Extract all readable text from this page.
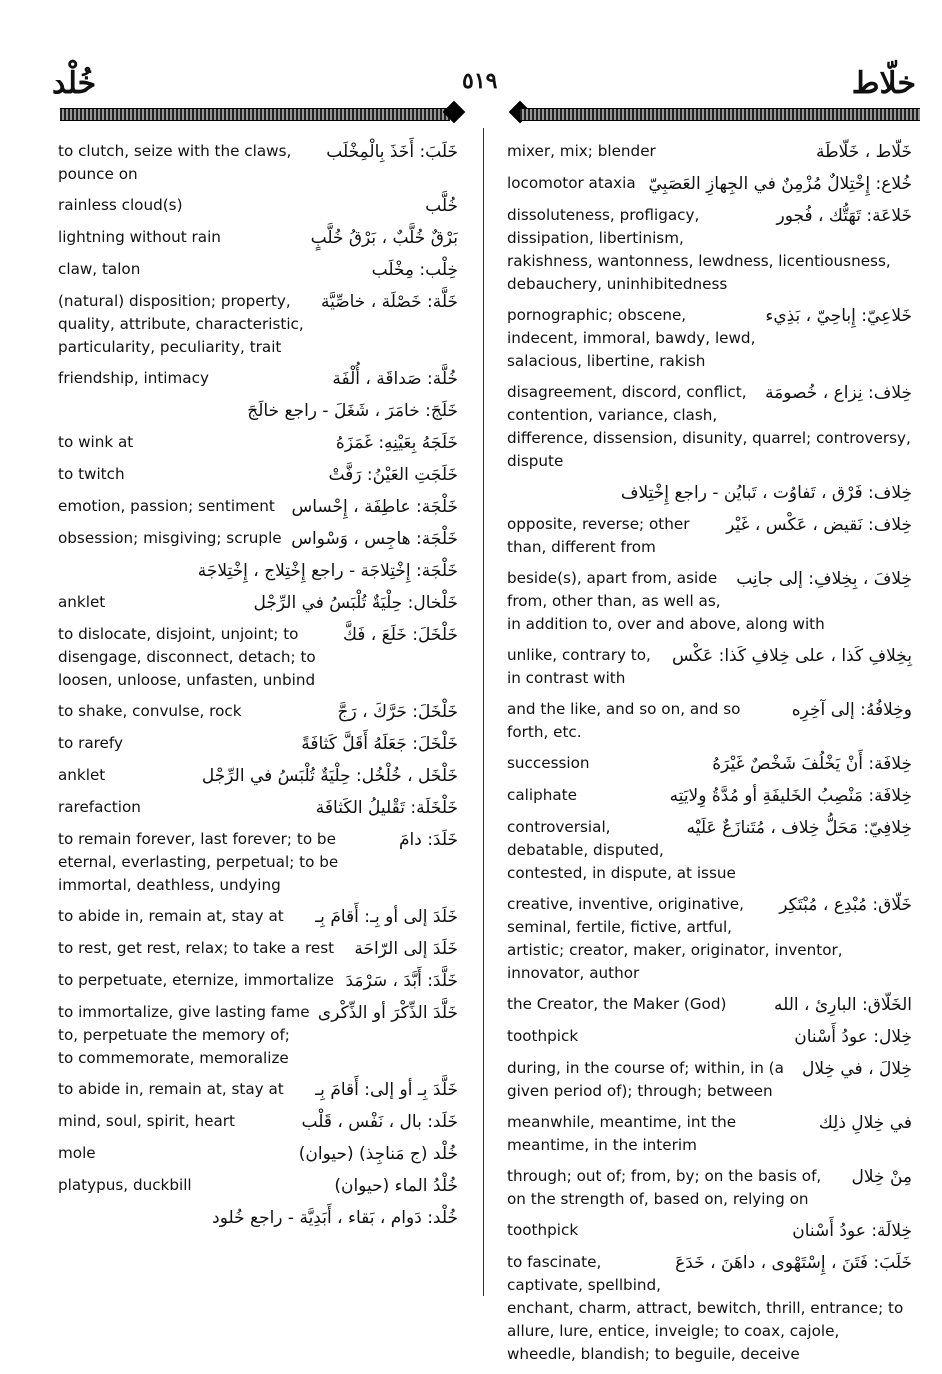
خُلْد	٥١٩	خلّاط
خَلَبَ: أَخَذَ بِالْمِخْلَب
to clutch, seize with the claws, pounce on
خُلَّب
rainless cloud(s)
بَرْقٌ خُلَّبٌ ، بَرْقُ خُلَّبٍ
lightning without rain
خِلْب: مِخْلَب
claw, talon
خَلَّة: خَصْلَة ، خاصِّيَّة
(natural) disposition; property, quality, attribute, characteristic, particularity, peculiarity, trait
خُلَّة: صَداقَة ، أُلْفَة
friendship, intimacy
خَلَجَ: خامَرَ ، شَغَلَ - راجع خالَجَ
خَلَجَهُ بِعَيْنِهِ: غَمَزَهُ
to wink at
خَلَجَتِ العَيْنُ: رَفَّتْ
to twitch
خَلْجَة: عاطِفَة ، إِحْساس
emotion, passion; sentiment
خَلْجَة: هاجِس ، وَسْواس
obsession; misgiving; scruple
خَلْجَة: إِخْتِلاجَة - راجع إِخْتِلاج ، إِخْتِلاجَة
خَلْخال: حِلْيَةٌ تُلْبَسُ في الرِّجْل
anklet
خَلْخَلَ: خَلَعَ ، فَكَّ
to dislocate, disjoint, unjoint; to disengage, disconnect, detach; to loosen, unloose, unfasten, unbind
خَلْخَلَ: حَرَّكَ ، رَجَّ
to shake, convulse, rock
خَلْخَلَ: جَعَلَهُ أَقَلَّ كَثافَةً
to rarefy
خَلْخَل ، خُلْخُل: حِلْيَةٌ تُلْبَسُ في الرِّجْل
anklet
خَلْخَلَة: تَقْليلُ الكَثافَة
rarefaction
خَلَدَ: دامَ
to remain forever, last forever; to be eternal, everlasting, perpetual; to be immortal, deathless, undying
خَلَدَ إلى أو بِـ: أَقامَ بِـ
to abide in, remain at, stay at
خَلَدَ إلى الرّاحَة
to rest, get rest, relax; to take a rest
خَلَّدَ: أَبَّدَ ، سَرْمَدَ
to perpetuate, eternize, immortalize
خَلَّدَ الذِّكْرَ أو الذِّكْرى
to immortalize, give lasting fame to, perpetuate the memory of; to commemorate, memoralize
خَلَّدَ بِـ أو إلى: أَقامَ بِـ
to abide in, remain at, stay at
خَلَد: بال ، نَفْس ، قَلْب
mind, soul, spirit, heart
خُلْد (ج مَناجِذ) (حيوان)
mole
خُلْدُ الماء (حيوان)
platypus, duckbill
خُلْد: دَوام ، بَقاء ، أَبَدِيَّة - راجع خُلود
خَلّاط ، خَلّاطَة
mixer, mix; blender
خُلاع: إِخْتِلالٌ مُزْمِنٌ في الجِهازِ العَصَبِيّ
locomotor ataxia
خَلاعَة: تَهَتُّك ، فُجور
dissoluteness, profligacy, dissipation, libertinism, rakishness, wantonness, lewdness, licentiousness, debauchery, uninhibitedness
خَلاعِيّ: إِباحِيّ ، بَذِيء
pornographic; obscene, indecent, immoral, bawdy, lewd, salacious, libertine, rakish
خِلاف: نِزاع ، خُصومَة
disagreement, discord, conflict, contention, variance, clash, difference, dissension, disunity, quarrel; controversy, dispute
خِلاف: فَرْق ، تَفاوُت ، تَبايُن - راجع إِخْتِلاف
خِلاف: نَقيض ، عَكْس ، غَيْر
opposite, reverse; other than, different from
خِلافَ ، بِخِلافِ: إلى جانِب
beside(s), apart from, aside from, other than, as well as, in addition to, over and above, along with
بِخِلافِ كَذا ، على خِلافِ كَذا: عَكْس
unlike, contrary to, in contrast with
وخِلافُهُ: إلى آخِرِه
and the like, and so on, and so forth, etc.
خِلافَة: أَنْ يَخْلُفَ شَخْصٌ غَيْرَهُ
succession
خِلافَة: مَنْصِبُ الخَليفَةِ أو مُدَّةُ وِلايَتِه
caliphate
خِلافِيّ: مَحَلُّ خِلاف ، مُتَنازَعٌ عَلَيْه
controversial, debatable, disputed, contested, in dispute, at issue
خَلّاق: مُبْدِع ، مُبْتَكِر
creative, inventive, originative, seminal, fertile, fictive, artful, artistic; creator, maker, originator, inventor, innovator, author
الخَلّاق: البارِئ ، الله
the Creator, the Maker (God)
خِلال: عودُ أَسْنان
toothpick
خِلالَ ، في خِلال
during, in the course of; within, in (a given period of); through; between
في خِلالِ ذلِك
meanwhile, meantime, int the meantime, in the interim
مِنْ خِلال
through; out of; from, by; on the basis of, on the strength of, based on, relying on
خِلالَة: عودُ أَسْنان
toothpick
خَلَبَ: فَتَنَ ، إِسْتَهْوى ، داهَنَ ، خَدَعَ
to fascinate, captivate, spellbind, enchant, charm, attract, bewitch, thrill, entrance; to allure, lure, entice, inveigle; to coax, cajole, wheedle, blandish; to beguile, deceive
